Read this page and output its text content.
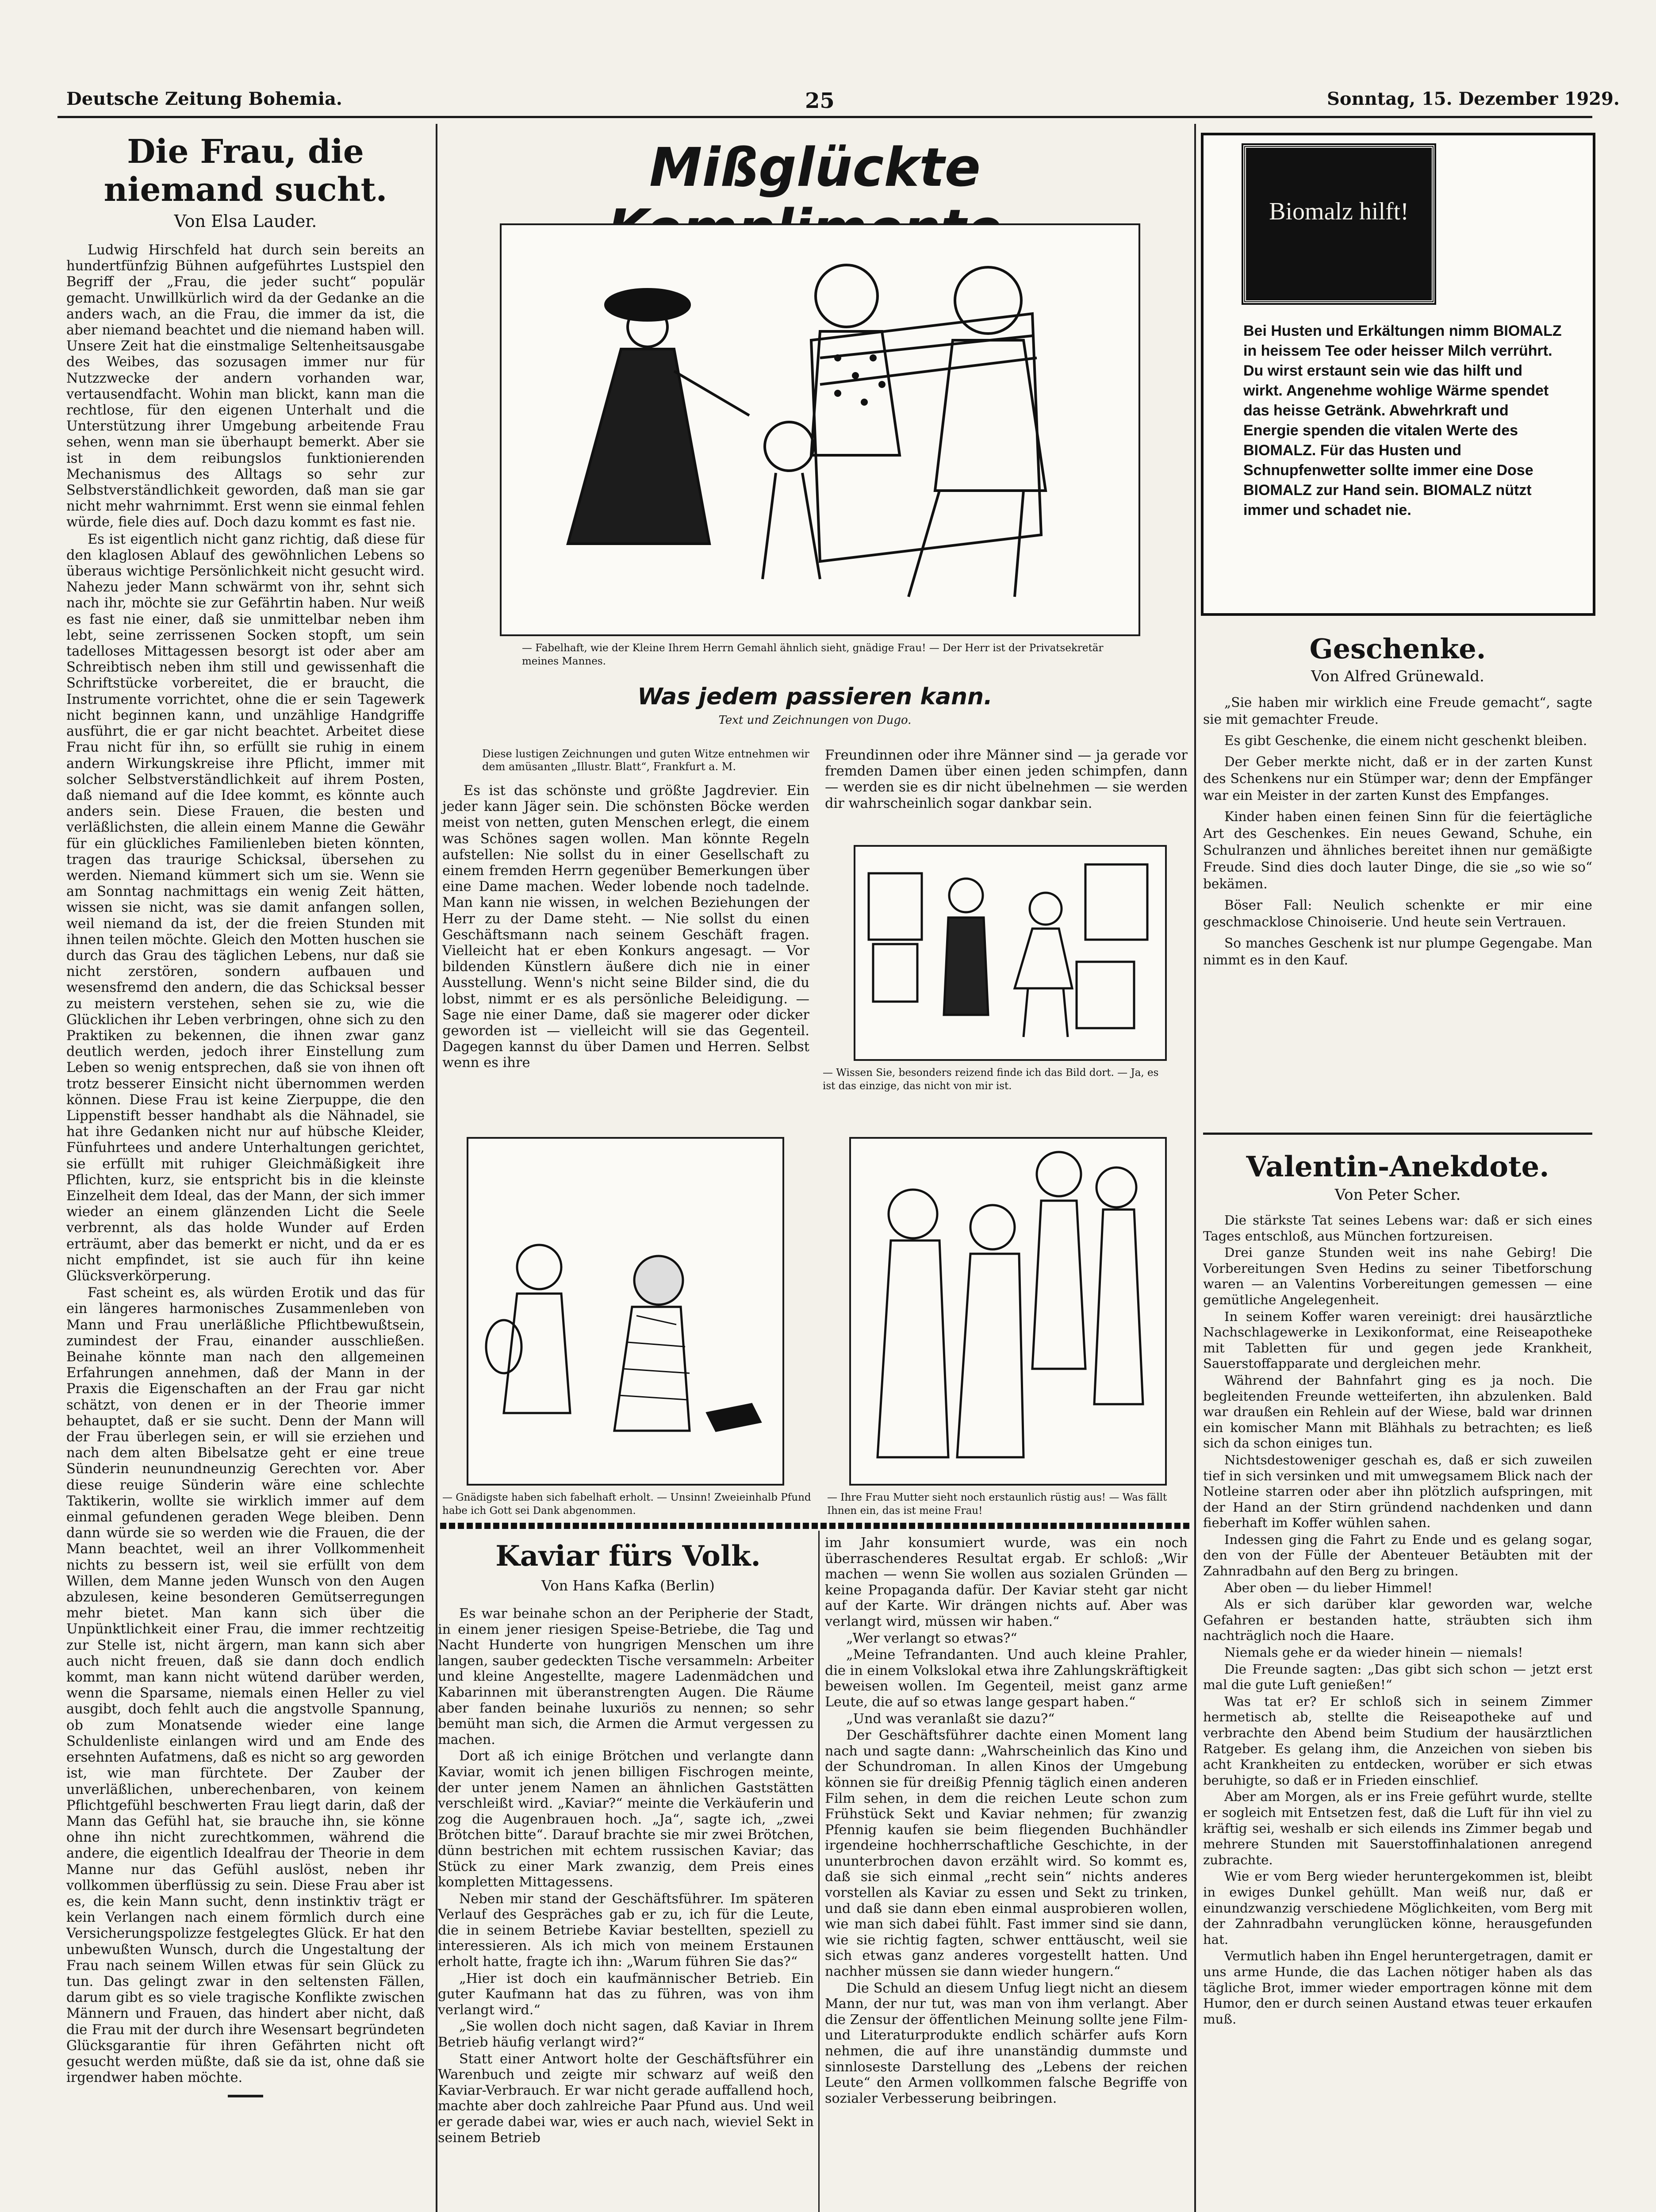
Deutsche Zeitung Bohemia.	25	Sonntag, 15. Dezember 1929.
Die Frau, die niemand sucht.
Von Elsa Lauder.

Ludwig Hirschfeld hat durch sein bereits an hundertfünfzig Bühnen aufgeführtes Lustspiel den Begriff der „Frau, die jeder sucht“ populär gemacht. Unwillkürlich wird da der Gedanke an die anders wach, an die Frau, die immer da ist, die aber niemand beachtet und die niemand haben will. Unsere Zeit hat die einstmalige Seltenheitsausgabe des Weibes, das sozusagen immer nur für Nutzzwecke der andern vorhanden war, vertausendfacht. Wohin man blickt, kann man die rechtlose, für den eigenen Unterhalt und die Unterstützung ihrer Umgebung arbeitende Frau sehen, wenn man sie überhaupt bemerkt. Aber sie ist in dem reibungslos funktionierenden Mechanismus des Alltags so sehr zur Selbstverständlichkeit geworden, daß man sie gar nicht mehr wahrnimmt. Erst wenn sie einmal fehlen würde, fiele dies auf. Doch dazu kommt es fast nie.

Es ist eigentlich nicht ganz richtig, daß diese für den klaglosen Ablauf des gewöhnlichen Lebens so überaus wichtige Persönlichkeit nicht gesucht wird. Nahezu jeder Mann schwärmt von ihr, sehnt sich nach ihr, möchte sie zur Gefährtin haben. Nur weiß es fast nie einer, daß sie unmittelbar neben ihm lebt, seine zerrissenen Socken stopft, um sein tadelloses Mittagessen besorgt ist oder aber am Schreibtisch neben ihm still und gewissenhaft die Schriftstücke vorbereitet, die er braucht, die Instrumente vorrichtet, ohne die er sein Tagewerk nicht beginnen kann, und unzählige Handgriffe ausführt, die er gar nicht beachtet. Arbeitet diese Frau nicht für ihn, so erfüllt sie ruhig in einem andern Wirkungskreise ihre Pflicht, immer mit solcher Selbstverständlichkeit auf ihrem Posten, daß niemand auf die Idee kommt, es könnte auch anders sein. Diese Frauen, die besten und verläßlichsten, die allein einem Manne die Gewähr für ein glückliches Familienleben bieten könnten, tragen das traurige Schicksal, übersehen zu werden. Niemand kümmert sich um sie. Wenn sie am Sonntag nachmittags ein wenig Zeit hätten, wissen sie nicht, was sie damit anfangen sollen, weil niemand da ist, der die freien Stunden mit ihnen teilen möchte. Gleich den Motten huschen sie durch das Grau des täglichen Lebens, nur daß sie nicht zerstören, sondern aufbauen und wesensfremd den andern, die das Schicksal besser zu meistern verstehen, sehen sie zu, wie die Glücklichen ihr Leben verbringen, ohne sich zu den Praktiken zu bekennen, die ihnen zwar ganz deutlich werden, jedoch ihrer Einstellung zum Leben so wenig entsprechen, daß sie von ihnen oft trotz besserer Einsicht nicht übernommen werden können. Diese Frau ist keine Zierpuppe, die den Lippenstift besser handhabt als die Nähnadel, sie hat ihre Gedanken nicht nur auf hübsche Kleider, Fünfuhrtees und andere Unterhaltungen gerichtet, sie erfüllt mit ruhiger Gleichmäßigkeit ihre Pflichten, kurz, sie entspricht bis in die kleinste Einzelheit dem Ideal, das der Mann, der sich immer wieder an einem glänzenden Licht die Seele verbrennt, als das holde Wunder auf Erden erträumt, aber das bemerkt er nicht, und da er es nicht empfindet, ist sie auch für ihn keine Glücksverkörperung.

Fast scheint es, als würden Erotik und das für ein längeres harmonisches Zusammenleben von Mann und Frau unerläßliche Pflichtbewußtsein, zumindest der Frau, einander ausschließen. Beinahe könnte man nach den allgemeinen Erfahrungen annehmen, daß der Mann in der Praxis die Eigenschaften an der Frau gar nicht schätzt, von denen er in der Theorie immer behauptet, daß er sie sucht. Denn der Mann will der Frau überlegen sein, er will sie erziehen und nach dem alten Bibelsatze geht er eine treue Sünderin neunundneunzig Gerechten vor. Aber diese reuige Sünderin wäre eine schlechte Taktikerin, wollte sie wirklich immer auf dem einmal gefundenen geraden Wege bleiben. Denn dann würde sie so werden wie die Frauen, die der Mann beachtet, weil an ihrer Vollkommenheit nichts zu bessern ist, weil sie erfüllt von dem Willen, dem Manne jeden Wunsch von den Augen abzulesen, keine besonderen Gemütserregungen mehr bietet. Man kann sich über die Unpünktlichkeit einer Frau, die immer rechtzeitig zur Stelle ist, nicht ärgern, man kann sich aber auch nicht freuen, daß sie dann doch endlich kommt, man kann nicht wütend darüber werden, wenn die Sparsame, niemals einen Heller zu viel ausgibt, doch fehlt auch die angstvolle Spannung, ob zum Monatsende wieder eine lange Schuldenliste einlangen wird und am Ende des ersehnten Aufatmens, daß es nicht so arg geworden ist, wie man fürchtete. Der Zauber der unverläßlichen, unberechenbaren, von keinem Pflichtgefühl beschwerten Frau liegt darin, daß der Mann das Gefühl hat, sie brauche ihn, sie könne ohne ihn nicht zurechtkommen, während die andere, die eigentlich Idealfrau der Theorie in dem Manne nur das Gefühl auslöst, neben ihr vollkommen überflüssig zu sein. Diese Frau aber ist es, die kein Mann sucht, denn instinktiv trägt er kein Verlangen nach einem förmlich durch eine Versicherungspolizze festgelegtes Glück. Er hat den unbewußten Wunsch, durch die Ungestaltung der Frau nach seinem Willen etwas für sein Glück zu tun. Das gelingt zwar in den seltensten Fällen, darum gibt es so viele tragische Konflikte zwischen Männern und Frauen, das hindert aber nicht, daß die Frau mit der durch ihre Wesensart begründeten Glücksgarantie für ihren Gefährten nicht oft gesucht werden müßte, daß sie da ist, ohne daß sie irgendwer haben möchte.

Mißglückte
— Fabelhaft, wie der Kleine Ihrem Herrn Gemahl ähnlich sieht, gnädige Frau! — Der Herr ist der Privatsekretär meines Mannes.
Was jedem passieren kann.
Text und Zeichnungen von Dugo.
Diese lustigen Zeichnungen und guten Witze entnehmen wir dem amüsanten „Illustr. Blatt“, Frankfurt a. M.

Es ist das schönste und größte Jagdrevier. Ein jeder kann Jäger sein. Die schönsten Böcke werden meist von netten, guten Menschen erlegt, die einem was Schönes sagen wollen. Man könnte Regeln aufstellen: Nie sollst du in einer Gesellschaft zu einem fremden Herrn gegenüber Bemerkungen über eine Dame machen. Weder lobende noch tadelnde. Man kann nie wissen, in welchen Beziehungen der Herr zu der Dame steht. — Nie sollst du einen Geschäftsmann nach seinem Geschäft fragen. Vielleicht hat er eben Konkurs angesagt. — Vor bildenden Künstlern äußere dich nie in einer Ausstellung. Wenn's nicht seine Bilder sind, die du lobst, nimmt er es als persönliche Beleidigung. — Sage nie einer Dame, daß sie magerer oder dicker geworden ist — vielleicht will sie das Gegenteil. Dagegen kannst du über Damen und Herren. Selbst wenn es ihre

Freundinnen oder ihre Männer sind — ja gerade vor fremden Damen über einen jeden schimpfen, dann — werden sie es dir nicht übelnehmen — sie werden dir wahrscheinlich sogar dankbar sein.

— Wissen Sie, besonders reizend finde ich das Bild dort. — Ja, es ist das einzige, das nicht von mir ist.
— Gnädigste haben sich fabelhaft erholt. — Unsinn! Zweieinhalb Pfund habe ich Gott sei Dank abgenommen.
— Ihre Frau Mutter sieht noch erstaunlich rüstig aus! — Was fällt Ihnen ein, das ist meine Frau!
Kaviar fürs Volk.
Von Hans Kafka (Berlin)

Es war beinahe schon an der Peripherie der Stadt, in einem jener riesigen Speise-Betriebe, die Tag und Nacht Hunderte von hungrigen Menschen um ihre langen, sauber gedeckten Tische versammeln: Arbeiter und kleine Angestellte, magere Ladenmädchen und Kabarinnen mit überanstrengten Augen. Die Räume aber fanden beinahe luxuriös zu nennen; so sehr bemüht man sich, die Armen die Armut vergessen zu machen.

Dort aß ich einige Brötchen und verlangte dann Kaviar, womit ich jenen billigen Fischrogen meinte, der unter jenem Namen an ähnlichen Gaststätten verschleißt wird. „Kaviar?“ meinte die Verkäuferin und zog die Augenbrauen hoch. „Ja“, sagte ich, „zwei Brötchen bitte“. Darauf brachte sie mir zwei Brötchen, dünn bestrichen mit echtem russischen Kaviar; das Stück zu einer Mark zwanzig, dem Preis eines kompletten Mittagessens.

Neben mir stand der Geschäftsführer. Im späteren Verlauf des Gespräches gab er zu, ich für die Leute, die in seinem Betriebe Kaviar bestellten, speziell zu interessieren. Als ich mich von meinem Erstaunen erholt hatte, fragte ich ihn: „Warum führen Sie das?“

„Hier ist doch ein kaufmännischer Betrieb. Ein guter Kaufmann hat das zu führen, was von ihm verlangt wird.“

„Sie wollen doch nicht sagen, daß Kaviar in Ihrem Betrieb häufig verlangt wird?“

Statt einer Antwort holte der Geschäftsführer ein Warenbuch und zeigte mir schwarz auf weiß den Kaviar-Verbrauch. Er war nicht gerade auffallend hoch, machte aber doch zahlreiche Paar Pfund aus. Und weil er gerade dabei war, wies er auch nach, wieviel Sekt in seinem Betrieb

im Jahr konsumiert wurde, was ein noch überraschenderes Resultat ergab. Er schloß: „Wir machen — wenn Sie wollen aus sozialen Gründen — keine Propaganda dafür. Der Kaviar steht gar nicht auf der Karte. Wir drängen nichts auf. Aber was verlangt wird, müssen wir haben.“

„Wer verlangt so etwas?“

„Meine Tefrandanten. Und auch kleine Prahler, die in einem Volkslokal etwa ihre Zahlungskräftigkeit beweisen wollen. Im Gegenteil, meist ganz arme Leute, die auf so etwas lange gespart haben.“

„Und was veranlaßt sie dazu?“

Der Geschäftsführer dachte einen Moment lang nach und sagte dann: „Wahrscheinlich das Kino und der Schundroman. In allen Kinos der Umgebung können sie für dreißig Pfennig täglich einen anderen Film sehen, in dem die reichen Leute schon zum Frühstück Sekt und Kaviar nehmen; für zwanzig Pfennig kaufen sie beim fliegenden Buchhändler irgendeine hochherrschaftliche Geschichte, in der ununterbrochen davon erzählt wird. So kommt es, daß sie sich einmal „recht sein“ nichts anderes vorstellen als Kaviar zu essen und Sekt zu trinken, und daß sie dann eben einmal ausprobieren wollen, wie man sich dabei fühlt. Fast immer sind sie dann, wie sie richtig fagten, schwer enttäuscht, weil sie sich etwas ganz anderes vorgestellt hatten. Und nachher müssen sie dann wieder hungern.“

Die Schuld an diesem Unfug liegt nicht an diesem Mann, der nur tut, was man von ihm verlangt. Aber die Zensur der öffentlichen Meinung sollte jene Film- und Literaturprodukte endlich schärfer aufs Korn nehmen, die auf ihre unanständig dummste und sinnloseste Darstellung des „Lebens der reichen Leute“ den Armen vollkommen falsche Begriffe von sozialer Verbesserung beibringen.

Biomalz hilft!
Bei Husten und Erkältungen nimm BIOMALZ in heissem Tee oder heisser Milch verrührt. Du wirst erstaunt sein wie das hilft und wirkt. Angenehme wohlige Wärme spendet das heisse Getränk. Abwehrkraft und Energie spenden die vitalen Werte des BIOMALZ. Für das Husten und Schnupfenwetter sollte immer eine Dose BIOMALZ zur Hand sein. BIOMALZ nützt immer und schadet nie.
Geschenke.
Von Alfred Grünewald.

„Sie haben mir wirklich eine Freude gemacht“, sagte sie mit gemachter Freude.

Es gibt Geschenke, die einem nicht geschenkt bleiben.

Der Geber merkte nicht, daß er in der zarten Kunst des Schenkens nur ein Stümper war; denn der Empfänger war ein Meister in der zarten Kunst des Empfanges.

Kinder haben einen feinen Sinn für die feiertägliche Art des Geschenkes. Ein neues Gewand, Schuhe, ein Schulranzen und ähnliches bereitet ihnen nur gemäßigte Freude. Sind dies doch lauter Dinge, die sie „so wie so“ bekämen.

Böser Fall: Neulich schenkte er mir eine geschmacklose Chinoiserie. Und heute sein Vertrauen.

So manches Geschenk ist nur plumpe Gegengabe. Man nimmt es in den Kauf.

Valentin-Anekdote.
Von Peter Scher.

Die stärkste Tat seines Lebens war: daß er sich eines Tages entschloß, aus München fortzureisen.

Drei ganze Stunden weit ins nahe Gebirg! Die Vorbereitungen Sven Hedins zu seiner Tibetforschung waren — an Valentins Vorbereitungen gemessen — eine gemütliche Angelegenheit.

In seinem Koffer waren vereinigt: drei hausärztliche Nachschlagewerke in Lexikonformat, eine Reiseapotheke mit Tabletten für und gegen jede Krankheit, Sauerstoffapparate und dergleichen mehr.

Während der Bahnfahrt ging es ja noch. Die begleitenden Freunde wetteiferten, ihn abzulenken. Bald war draußen ein Rehlein auf der Wiese, bald war drinnen ein komischer Mann mit Blähhals zu betrachten; es ließ sich da schon einiges tun.

Nichtsdestoweniger geschah es, daß er sich zuweilen tief in sich versinken und mit umwegsamem Blick nach der Notleine starren oder aber ihn plötzlich aufspringen, mit der Hand an der Stirn gründend nachdenken und dann fieberhaft im Koffer wühlen sahen.

Indessen ging die Fahrt zu Ende und es gelang sogar, den von der Fülle der Abenteuer Betäubten mit der Zahnradbahn auf den Berg zu bringen.

Aber oben — du lieber Himmel!

Als er sich darüber klar geworden war, welche Gefahren er bestanden hatte, sträubten sich ihm nachträglich noch die Haare.

Niemals gehe er da wieder hinein — niemals!

Die Freunde sagten: „Das gibt sich schon — jetzt erst mal die gute Luft genießen!“

Was tat er? Er schloß sich in seinem Zimmer hermetisch ab, stellte die Reiseapotheke auf und verbrachte den Abend beim Studium der hausärztlichen Ratgeber. Es gelang ihm, die Anzeichen von sieben bis acht Krankheiten zu entdecken, worüber er sich etwas beruhigte, so daß er in Frieden einschlief.

Aber am Morgen, als er ins Freie geführt wurde, stellte er sogleich mit Entsetzen fest, daß die Luft für ihn viel zu kräftig sei, weshalb er sich eilends ins Zimmer begab und mehrere Stunden mit Sauerstoffinhalationen anregend zubrachte.

Wie er vom Berg wieder heruntergekommen ist, bleibt in ewiges Dunkel gehüllt. Man weiß nur, daß er einundzwanzig verschiedene Möglichkeiten, vom Berg mit der Zahnradbahn verunglücken könne, herausgefunden hat.

Vermutlich haben ihn Engel heruntergetragen, damit er uns arme Hunde, die das Lachen nötiger haben als das tägliche Brot, immer wieder emportragen könne mit dem Humor, den er durch seinen Austand etwas teuer erkaufen muß.
